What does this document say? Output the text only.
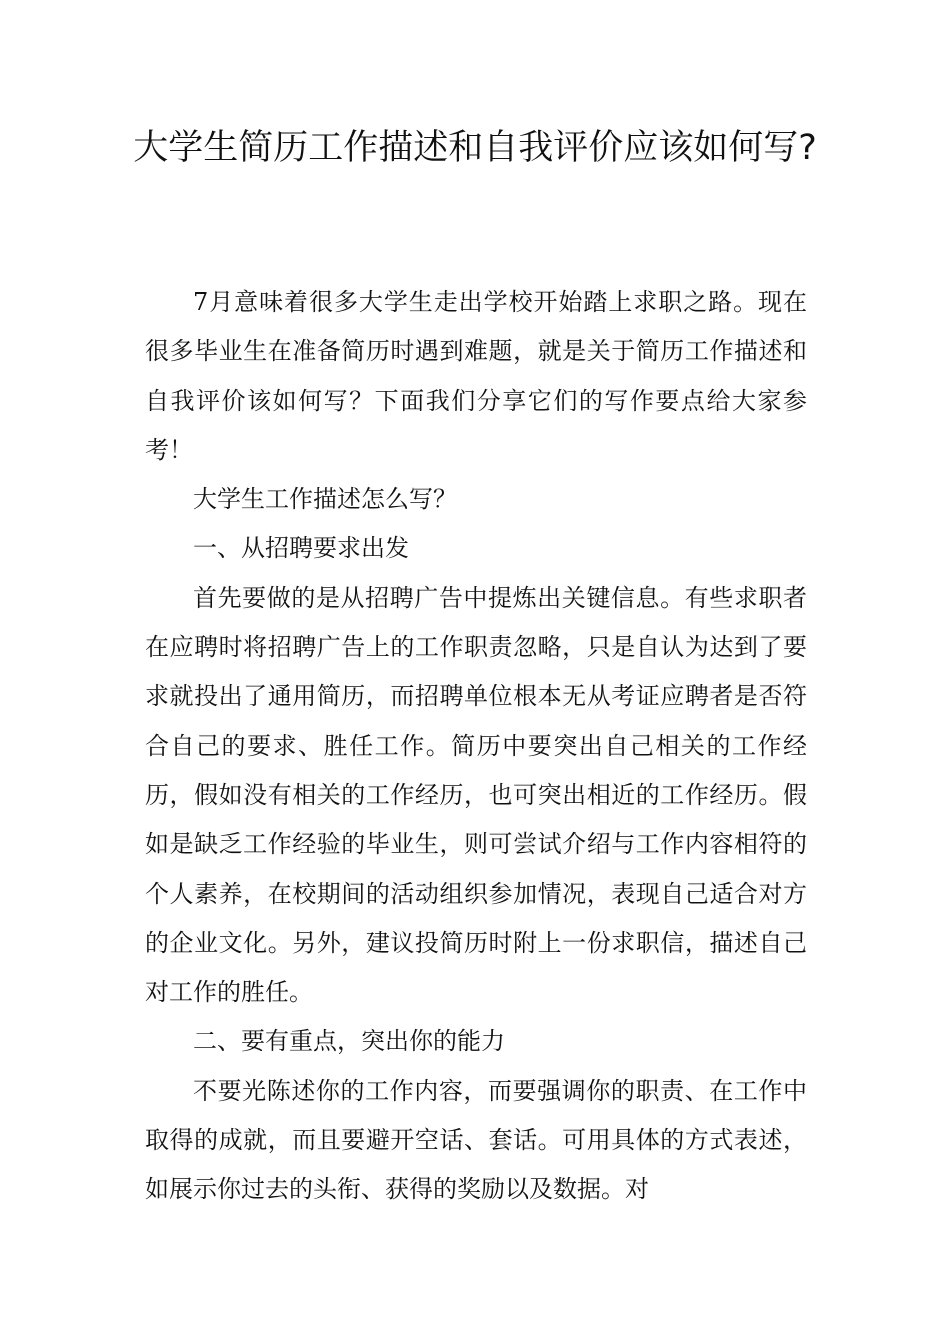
大学生简历工作描述和自我评价应该如何写?

7月意味着很多大学生走出学校开始踏上求职之路。现在很多毕业生在准备简历时遇到难题，就是关于简历工作描述和自我评价该如何写？下面我们分享它们的写作要点给大家参考！

大学生工作描述怎么写？

一、从招聘要求出发

首先要做的是从招聘广告中提炼出关键信息。有些求职者在应聘时将招聘广告上的工作职责忽略，只是自认为达到了要求就投出了通用简历，而招聘单位根本无从考证应聘者是否符合自己的要求、胜任工作。简历中要突出自己相关的工作经历，假如没有相关的工作经历，也可突出相近的工作经历。假如是缺乏工作经验的毕业生，则可尝试介绍与工作内容相符的个人素养，在校期间的活动组织参加情况，表现自己适合对方的企业文化。另外，建议投简历时附上一份求职信，描述自己对工作的胜任。

二、要有重点，突出你的能力

不要光陈述你的工作内容，而要强调你的职责、在工作中取得的成就，而且要避开空话、套话。可用具体的方式表述，如展示你过去的头衔、获得的奖励以及数据。对
